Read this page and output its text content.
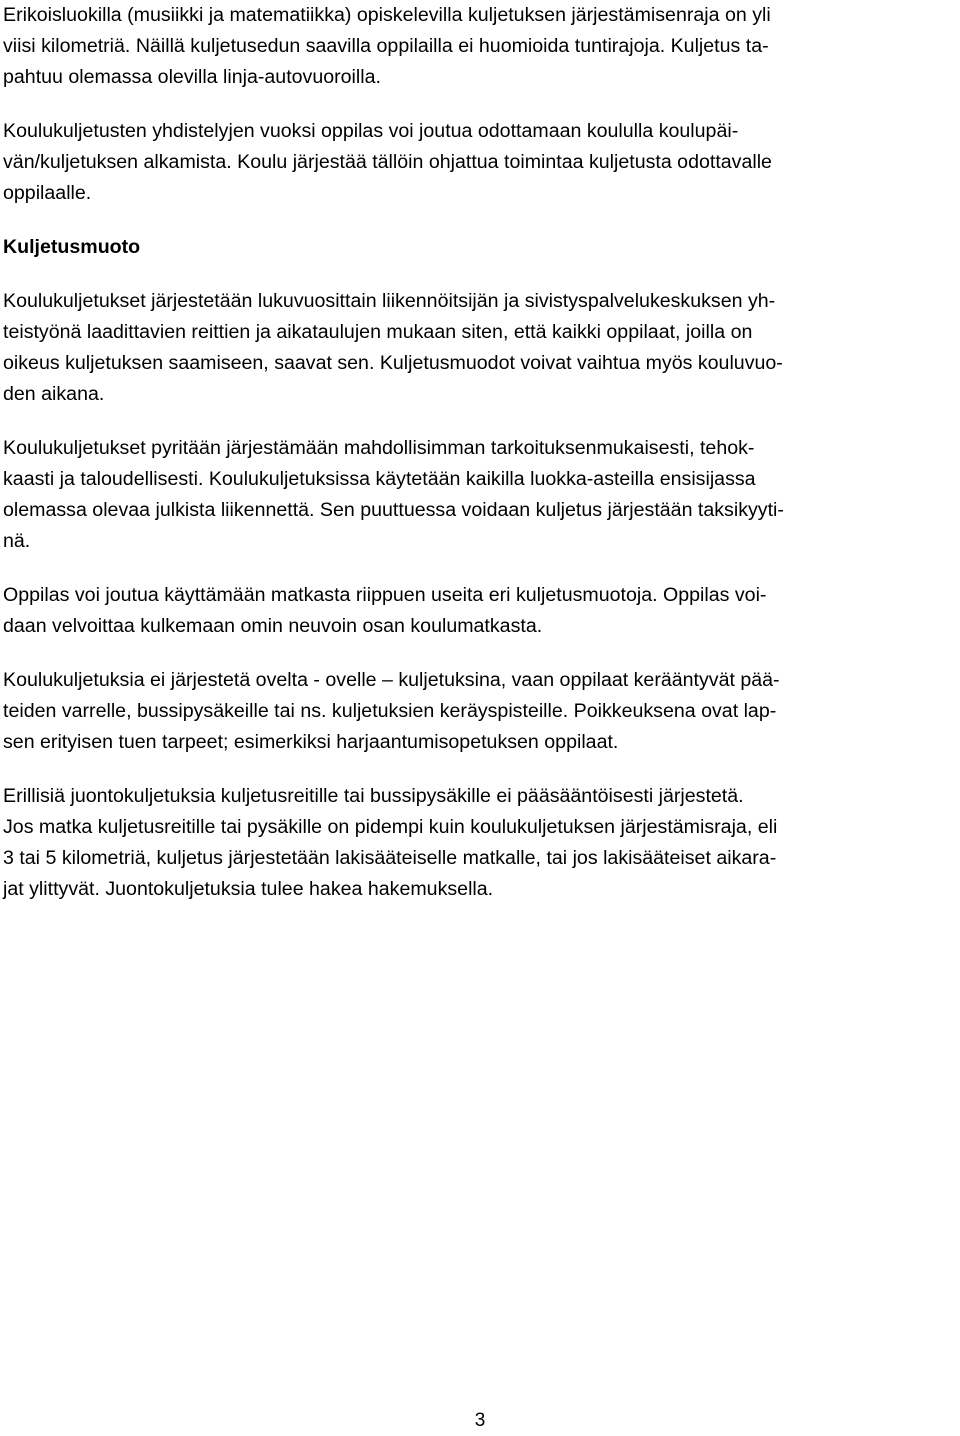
Erikoisluokilla (musiikki ja matematiikka) opiskelevilla kuljetuksen järjestämisenraja on yli
viisi kilometriä. Näillä kuljetusedun saavilla oppilailla ei huomioida tuntirajoja. Kuljetus ta-
pahtuu olemassa olevilla linja-autovuoroilla.

Koulukuljetusten yhdistelyjen vuoksi oppilas voi joutua odottamaan koululla koulupäi-
vän/kuljetuksen alkamista. Koulu järjestää tällöin ohjattua toimintaa kuljetusta odottavalle
oppilaalle.

Kuljetusmuoto

Koulukuljetukset järjestetään lukuvuosittain liikennöitsijän ja sivistyspalvelukeskuksen yh-
teistyönä laadittavien reittien ja aikataulujen mukaan siten, että kaikki oppilaat, joilla on
oikeus kuljetuksen saamiseen, saavat sen. Kuljetusmuodot voivat vaihtua myös kouluvuo-
den aikana.

Koulukuljetukset pyritään järjestämään mahdollisimman tarkoituksenmukaisesti, tehok-
kaasti ja taloudellisesti. Koulukuljetuksissa käytetään kaikilla luokka-asteilla ensisijassa
olemassa olevaa julkista liikennettä. Sen puuttuessa voidaan kuljetus järjestään taksikyyti-
nä.

Oppilas voi joutua käyttämään matkasta riippuen useita eri kuljetusmuotoja. Oppilas voi-
daan velvoittaa kulkemaan omin neuvoin osan koulumatkasta.

Koulukuljetuksia ei järjestetä ovelta - ovelle – kuljetuksina, vaan oppilaat kerääntyvät pää-
teiden varrelle, bussipysäkeille tai ns. kuljetuksien keräyspisteille. Poikkeuksena ovat lap-
sen erityisen tuen tarpeet; esimerkiksi harjaantumisopetuksen oppilaat.

Erillisiä juontokuljetuksia kuljetusreitille tai bussipysäkille ei pääsääntöisesti järjestetä.
Jos matka kuljetusreitille tai pysäkille on pidempi kuin koulukuljetuksen järjestämisraja, eli
3 tai 5 kilometriä, kuljetus järjestetään lakisääteiselle matkalle, tai jos lakisääteiset aikara-
jat ylittyvät. Juontokuljetuksia tulee hakea hakemuksella.

3
